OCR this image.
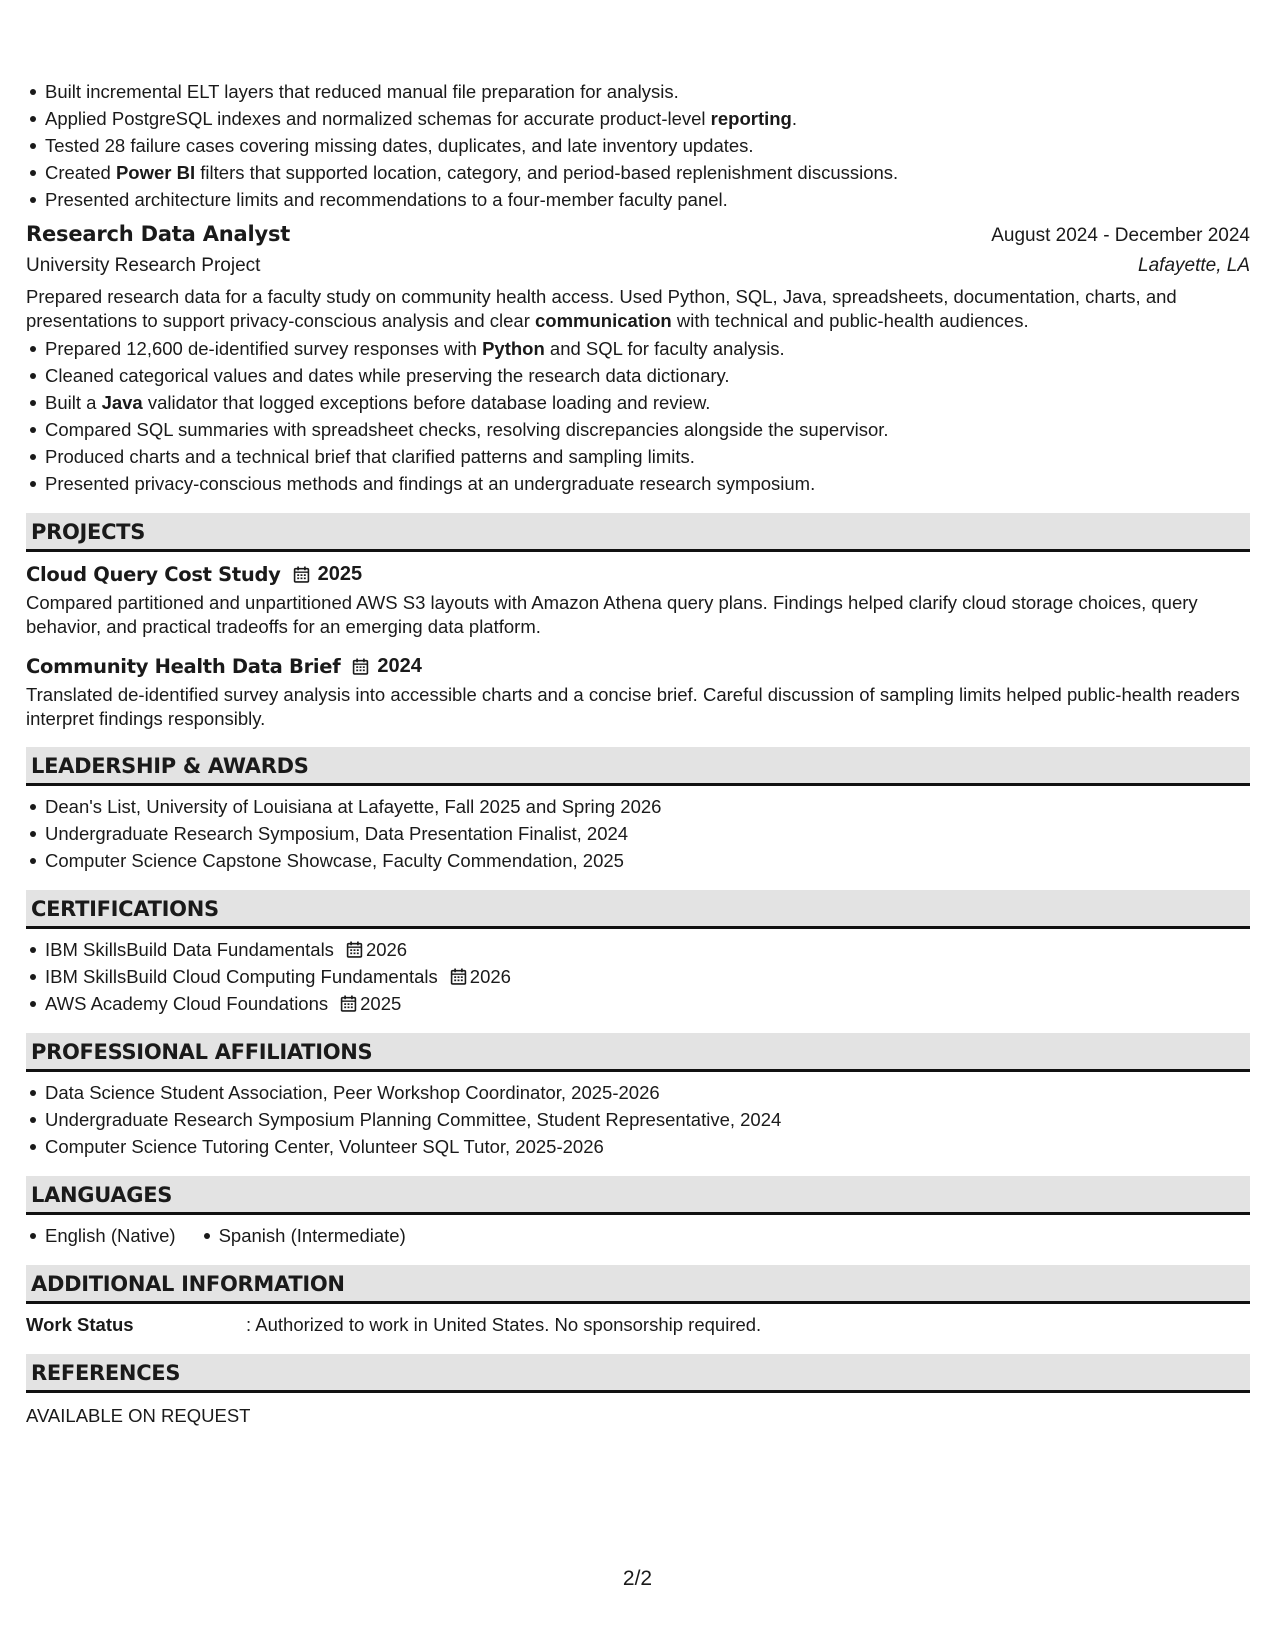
Built incremental ELT layers that reduced manual file preparation for analysis.
Applied PostgreSQL indexes and normalized schemas for accurate product-level reporting.
Tested 28 failure cases covering missing dates, duplicates, and late inventory updates.
Created Power BI filters that supported location, category, and period-based replenishment discussions.
Presented architecture limits and recommendations to a four-member faculty panel.
Research Data Analyst	August 2024 - December 2024
University Research Project	Lafayette, LA

Prepared research data for a faculty study on community health access. Used Python, SQL, Java, spreadsheets, documentation, charts, and presentations to support privacy-conscious analysis and clear communication with technical and public-health audiences.

Prepared 12,600 de-identified survey responses with Python and SQL for faculty analysis.
Cleaned categorical values and dates while preserving the research data dictionary.
Built a Java validator that logged exceptions before database loading and review.
Compared SQL summaries with spreadsheet checks, resolving discrepancies alongside the supervisor.
Produced charts and a technical brief that clarified patterns and sampling limits.
Presented privacy-conscious methods and findings at an undergraduate research symposium.
PROJECTS
Cloud Query Cost Study 2025

Compared partitioned and unpartitioned AWS S3 layouts with Amazon Athena query plans. Findings helped clarify cloud storage choices, query behavior, and practical tradeoffs for an emerging data platform.

Community Health Data Brief 2024

Translated de-identified survey analysis into accessible charts and a concise brief. Careful discussion of sampling limits helped public-health readers interpret findings responsibly.

LEADERSHIP & AWARDS
Dean's List, University of Louisiana at Lafayette, Fall 2025 and Spring 2026
Undergraduate Research Symposium, Data Presentation Finalist, 2024
Computer Science Capstone Showcase, Faculty Commendation, 2025
CERTIFICATIONS
IBM SkillsBuild Data Fundamentals 2026
IBM SkillsBuild Cloud Computing Fundamentals 2026
AWS Academy Cloud Foundations 2025
PROFESSIONAL AFFILIATIONS
Data Science Student Association, Peer Workshop Coordinator, 2025-2026
Undergraduate Research Symposium Planning Committee, Student Representative, 2024
Computer Science Tutoring Center, Volunteer SQL Tutor, 2025-2026
LANGUAGES
English (Native)	Spanish (Intermediate)
ADDITIONAL INFORMATION
Work Status	: Authorized to work in United States. No sponsorship required.
REFERENCES

AVAILABLE ON REQUEST

2/2
